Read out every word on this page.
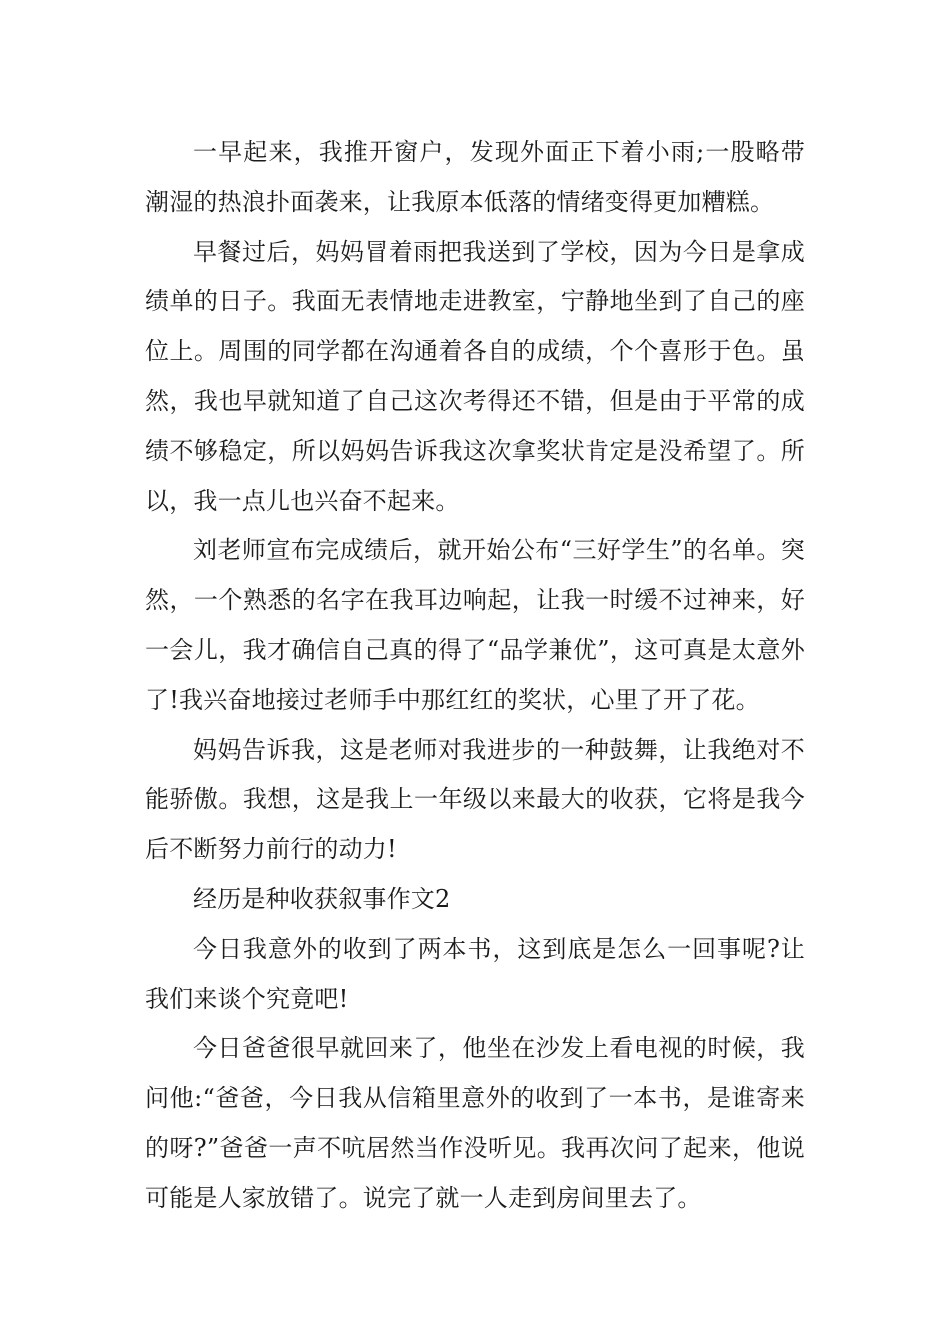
一早起来，我推开窗户，发现外面正下着小雨;一股略带潮湿的热浪扑面袭来，让我原本低落的情绪变得更加糟糕。

早餐过后，妈妈冒着雨把我送到了学校，因为今日是拿成绩单的日子。我面无表情地走进教室，宁静地坐到了自己的座位上。周围的同学都在沟通着各自的成绩，个个喜形于色。虽然，我也早就知道了自己这次考得还不错，但是由于平常的成绩不够稳定，所以妈妈告诉我这次拿奖状肯定是没希望了。所以，我一点儿也兴奋不起来。

刘老师宣布完成绩后，就开始公布“三好学生”的名单。突然，一个熟悉的名字在我耳边响起，让我一时缓不过神来，好一会儿，我才确信自己真的得了“品学兼优”，这可真是太意外了!我兴奋地接过老师手中那红红的奖状，心里了开了花。

妈妈告诉我，这是老师对我进步的一种鼓舞，让我绝对不能骄傲。我想，这是我上一年级以来最大的收获，它将是我今后不断努力前行的动力!

经历是种收获叙事作文2

今日我意外的收到了两本书，这到底是怎么一回事呢?让我们来谈个究竟吧!

今日爸爸很早就回来了，他坐在沙发上看电视的时候，我问他:“爸爸，今日我从信箱里意外的收到了一本书，是谁寄来的呀?”爸爸一声不吭居然当作没听见。我再次问了起来，他说可能是人家放错了。说完了就一人走到房间里去了。
